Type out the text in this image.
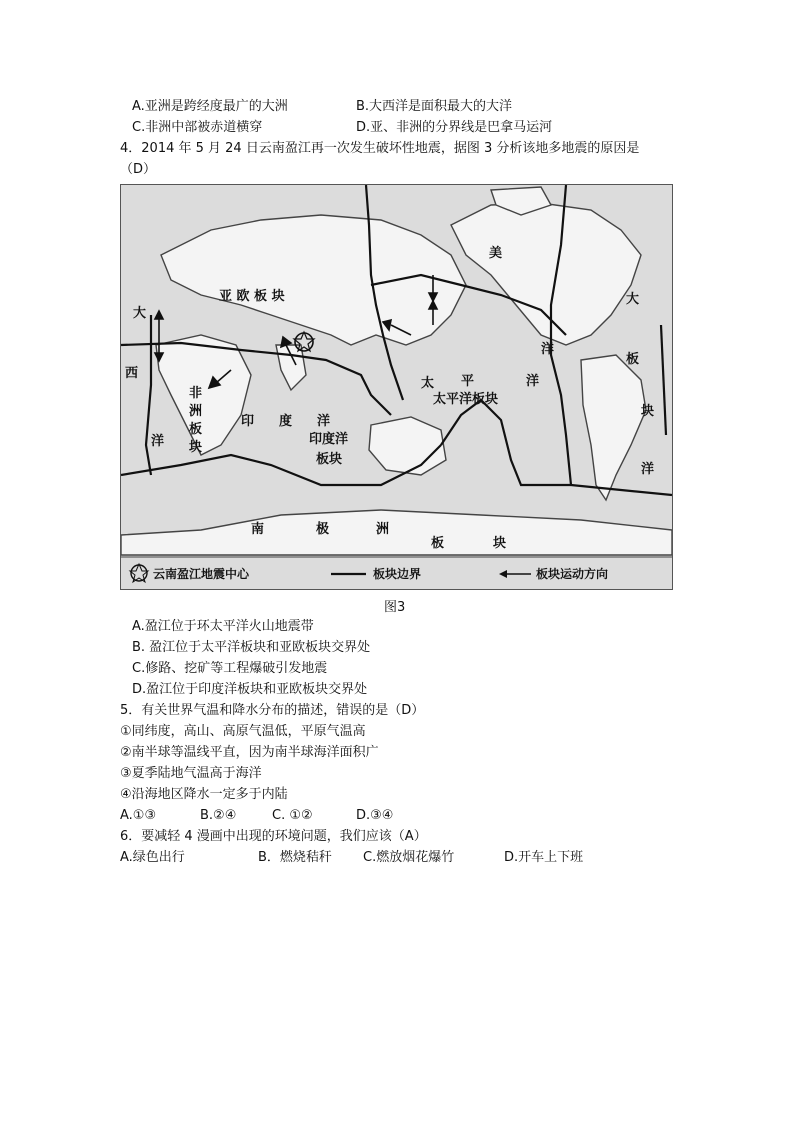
A.亚洲是跨经度最广的大洲	B.大西洋是面积最大的大洋
C.非洲中部被赤道横穿	D.亚、非洲的分界线是巴拿马运河
4．2014 年 5 月 24 日云南盈江再一次发生破坏性地震，据图 3 分析该地多地震的原因是
（D）
亚 欧 板 块
非
洲
板
块
印度洋
板块
太平洋板块
太 平	洋
南	极	洲
板	块
美
大
板
块
洋
西
大
洋
印 度 洋
洋
云南盈江地震中心	板块边界	板块运动方向
图3
A.盈江位于环太平洋火山地震带
B. 盈江位于太平洋板块和亚欧板块交界处
C.修路、挖矿等工程爆破引发地震
D.盈江位于印度洋板块和亚欧板块交界处
5．有关世界气温和降水分布的描述，错误的是（D）
①同纬度，高山、高原气温低，平原气温高
②南半球等温线平直，因为南半球海洋面积广
③夏季陆地气温高于海洋
④沿海地区降水一定多于内陆
A.①③	B.②④	C. ①②	D.③④
6．要减轻 4 漫画中出现的环境问题，我们应该（A）
A.绿色出行	B．燃烧秸秆 C.燃放烟花爆竹	D.开车上下班
